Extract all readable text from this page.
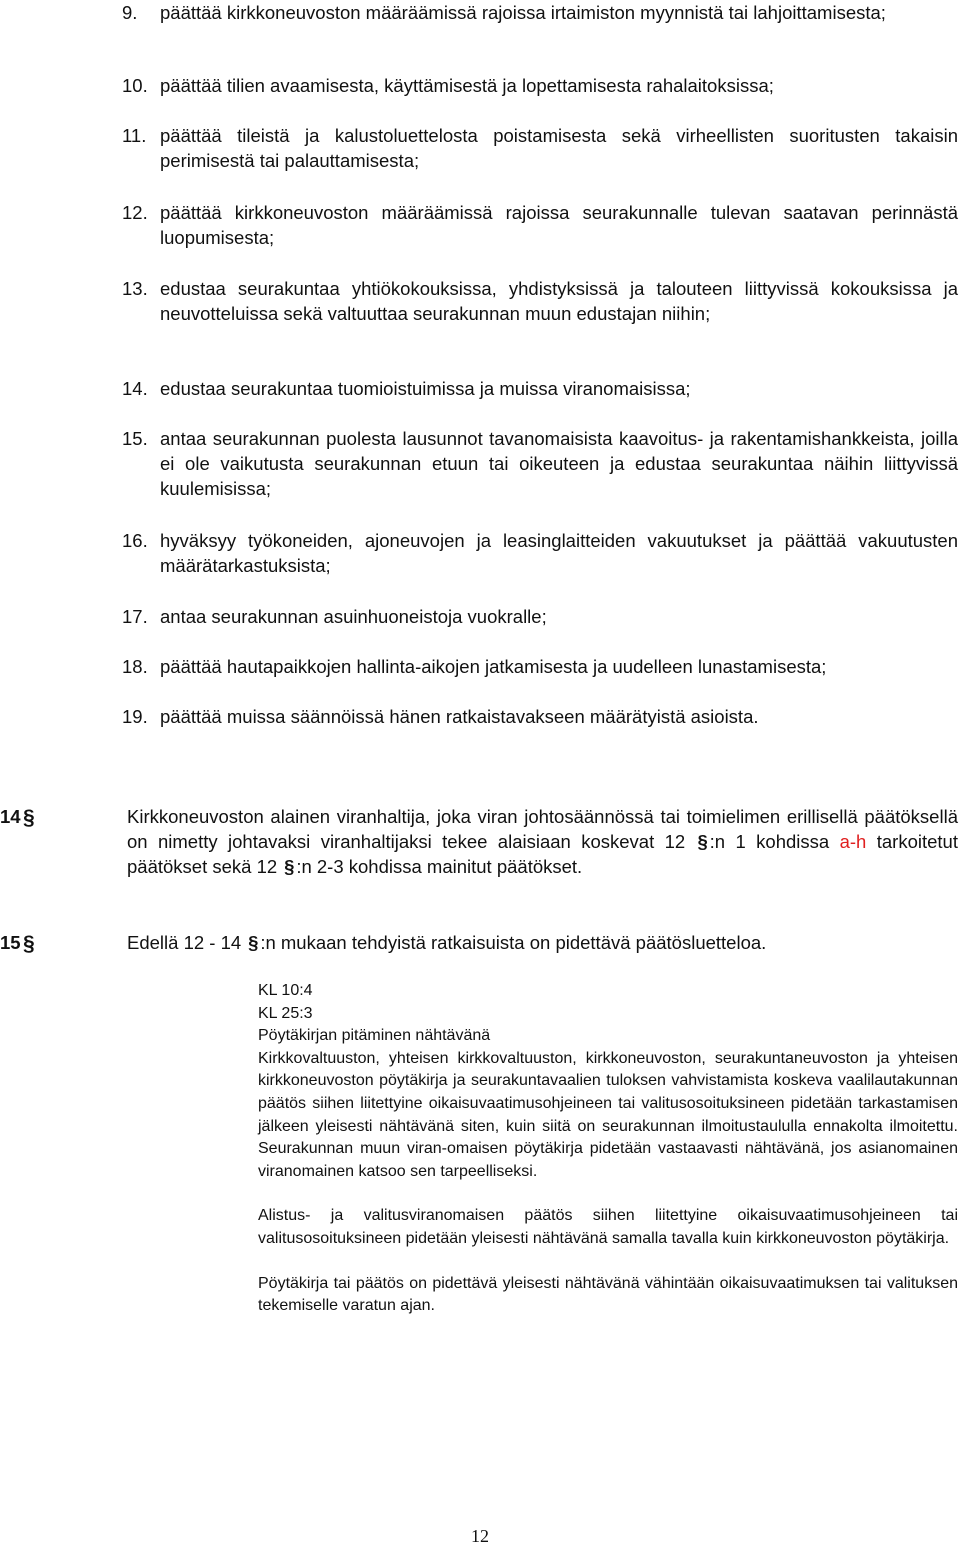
9. päättää kirkkoneuvoston määräämissä rajoissa irtaimiston myynnistä tai lahjoittamisesta;
10. päättää tilien avaamisesta, käyttämisestä ja lopettamisesta rahalaitoksissa;
11. päättää tileistä ja kalustoluettelosta poistamisesta sekä virheellisten suoritusten takaisin perimisestä tai palauttamisesta;
12. päättää kirkkoneuvoston määräämissä rajoissa seurakunnalle tulevan saatavan perinnästä luopumisesta;
13. edustaa seurakuntaa yhtiökokouksissa, yhdistyksissä ja talouteen liittyvissä kokouksissa ja neuvotteluissa sekä valtuuttaa seurakunnan muun edustajan niihin;
14. edustaa seurakuntaa tuomioistuimissa ja muissa viranomaisissa;
15. antaa seurakunnan puolesta lausunnot tavanomaisista kaavoitus- ja rakentamishankkeista, joilla ei ole vaikutusta seurakunnan etuun tai oikeuteen ja edustaa seurakuntaa näihin liittyvissä kuulemisissa;
16. hyväksyy työkoneiden, ajoneuvojen ja leasinglaitteiden vakuutukset ja päättää vakuutusten määrätarkastuksista;
17. antaa seurakunnan asuinhuoneistoja vuokralle;
18. päättää hautapaikkojen hallinta-aikojen jatkamisesta ja uudelleen lunastamisesta;
19. päättää muissa säännöissä hänen ratkaistavakseen määrätyistä asioista.
14 §	Kirkkoneuvoston alainen viranhaltija, joka viran johtosäännössä tai toimielimen erillisellä päätöksellä on nimetty johtavaksi viranhaltijaksi tekee alaisiaan koskevat 12 § :n 1 kohdissa a-h tarkoitetut päätökset sekä 12 § :n 2-3 kohdissa mainitut päätökset.
15 §	Edellä 12 - 14 § :n mukaan tehdyistä ratkaisuista on pidettävä päätösluetteloa.
KL 10:4
KL 25:3
Pöytäkirjan pitäminen nähtävänä
Kirkkovaltuuston, yhteisen kirkkovaltuuston, kirkkoneuvoston, seurakuntaneuvoston ja yhteisen kirkkoneuvoston pöytäkirja ja seurakuntavaalien tuloksen vahvistamista koskeva vaalilautakunnan päätös siihen liitettyine oikaisuvaatimusohjeineen tai valitusosoituksineen pidetään tarkastamisen jälkeen yleisesti nähtävänä siten, kuin siitä on seurakunnan ilmoitustaululla ennakolta ilmoitettu. Seurakunnan muun viran-omaisen pöytäkirja pidetään vastaavasti nähtävänä, jos asianomainen viranomainen katsoo sen tarpeelliseksi.
Alistus- ja valitusviranomaisen päätös siihen liitettyine oikaisuvaatimusohjeineen tai valitusosoituksineen pidetään yleisesti nähtävänä samalla tavalla kuin kirkkoneuvoston pöytäkirja.
Pöytäkirja tai päätös on pidettävä yleisesti nähtävänä vähintään oikaisuvaatimuksen tai valituksen tekemiselle varatun ajan.
12
